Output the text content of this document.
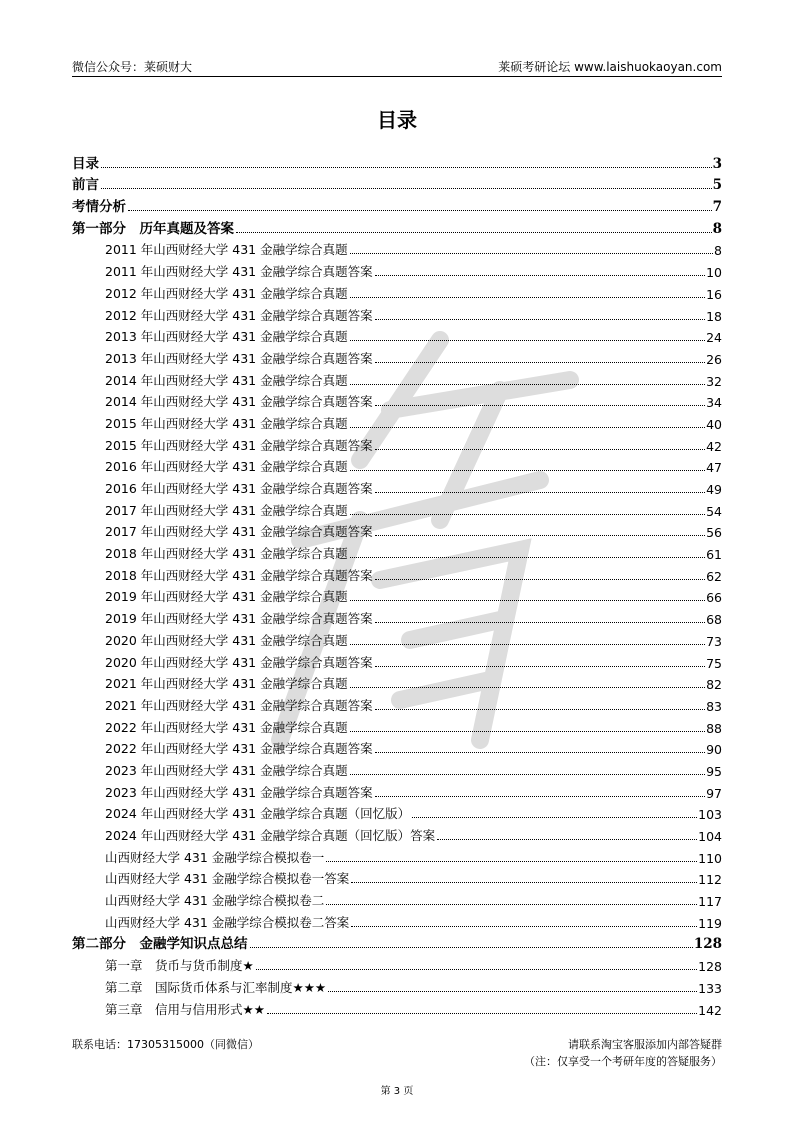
微信公众号：莱硕财大	莱硕考研论坛 www.laishuokaoyan.com
目录
目录	3
前言	5
考情分析	7
第一部分　历年真题及答案	8
2011 年山西财经大学 431 金融学综合真题	8
2011 年山西财经大学 431 金融学综合真题答案	10
2012 年山西财经大学 431 金融学综合真题	16
2012 年山西财经大学 431 金融学综合真题答案	18
2013 年山西财经大学 431 金融学综合真题	24
2013 年山西财经大学 431 金融学综合真题答案	26
2014 年山西财经大学 431 金融学综合真题	32
2014 年山西财经大学 431 金融学综合真题答案	34
2015 年山西财经大学 431 金融学综合真题	40
2015 年山西财经大学 431 金融学综合真题答案	42
2016 年山西财经大学 431 金融学综合真题	47
2016 年山西财经大学 431 金融学综合真题答案	49
2017 年山西财经大学 431 金融学综合真题	54
2017 年山西财经大学 431 金融学综合真题答案	56
2018 年山西财经大学 431 金融学综合真题	61
2018 年山西财经大学 431 金融学综合真题答案	62
2019 年山西财经大学 431 金融学综合真题	66
2019 年山西财经大学 431 金融学综合真题答案	68
2020 年山西财经大学 431 金融学综合真题	73
2020 年山西财经大学 431 金融学综合真题答案	75
2021 年山西财经大学 431 金融学综合真题	82
2021 年山西财经大学 431 金融学综合真题答案	83
2022 年山西财经大学 431 金融学综合真题	88
2022 年山西财经大学 431 金融学综合真题答案	90
2023 年山西财经大学 431 金融学综合真题	95
2023 年山西财经大学 431 金融学综合真题答案	97
2024 年山西财经大学 431 金融学综合真题（回忆版）	103
2024 年山西财经大学 431 金融学综合真题（回忆版）答案	104
山西财经大学 431 金融学综合模拟卷一	110
山西财经大学 431 金融学综合模拟卷一答案	112
山西财经大学 431 金融学综合模拟卷二	117
山西财经大学 431 金融学综合模拟卷二答案	119
第二部分　金融学知识点总结	128
第一章　货币与货币制度★	128
第二章　国际货币体系与汇率制度★★★	133
第三章　信用与信用形式★★	142
联系电话：17305315000（同微信）	请联系淘宝客服添加内部答疑群
（注：仅享受一个考研年度的答疑服务）
第 3 页
